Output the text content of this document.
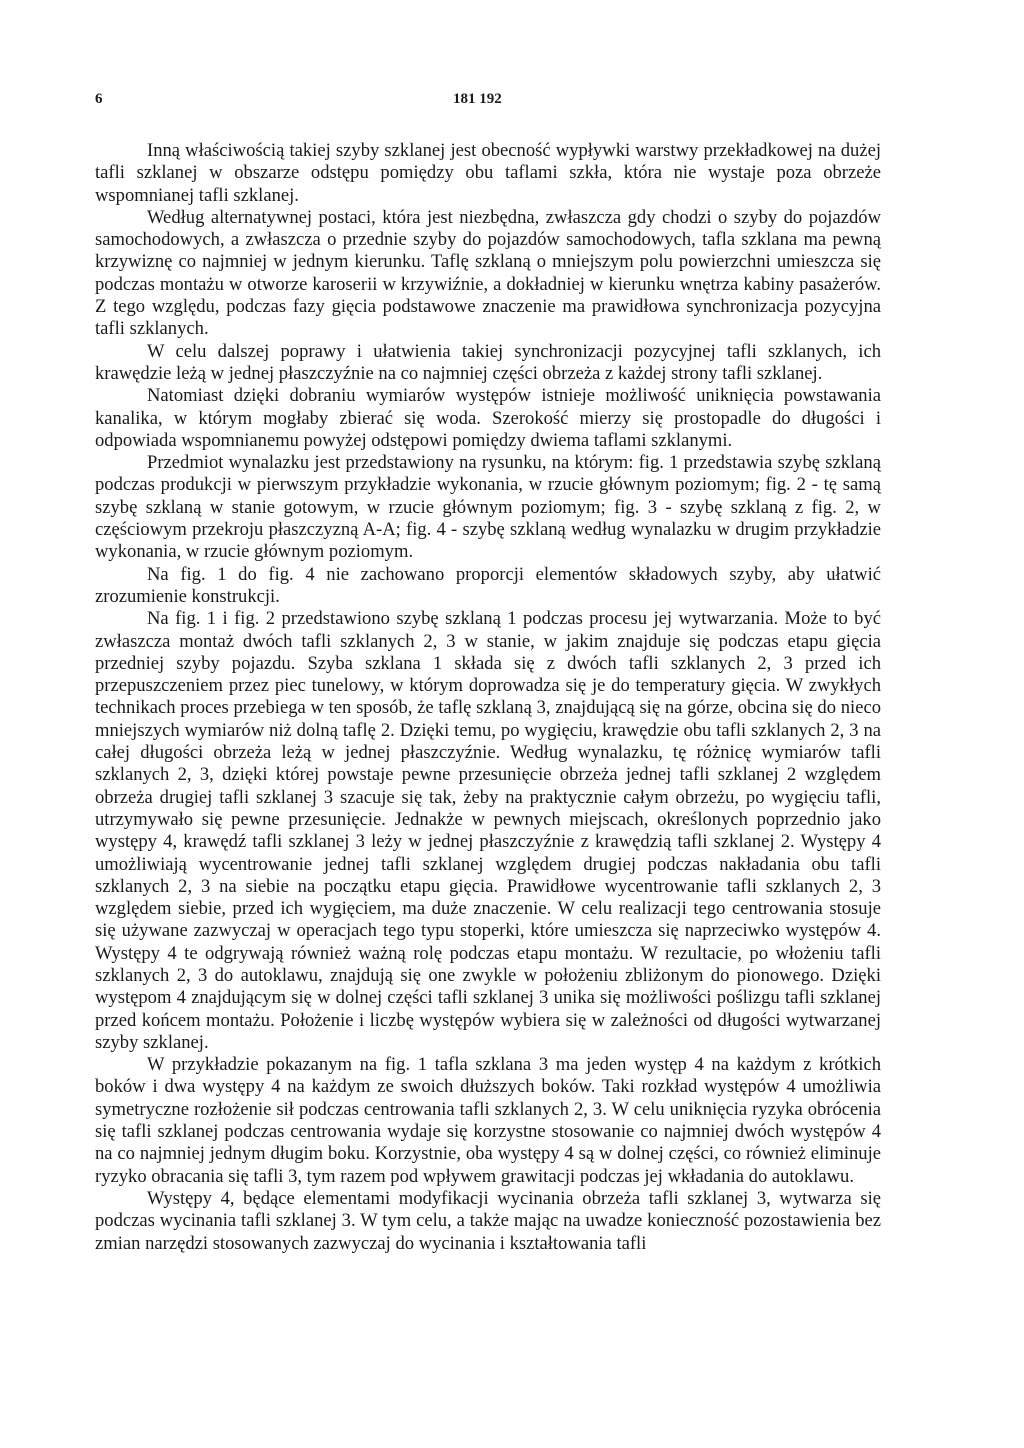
6	181 192

Inną właściwością takiej szyby szklanej jest obecność wypływki warstwy przekładkowej na dużej tafli szklanej w obszarze odstępu pomiędzy obu taflami szkła, która nie wystaje poza obrzeże wspomnianej tafli szklanej.

Według alternatywnej postaci, która jest niezbędna, zwłaszcza gdy chodzi o szyby do pojazdów samochodowych, a zwłaszcza o przednie szyby do pojazdów samochodowych, tafla szklana ma pewną krzywiznę co najmniej w jednym kierunku. Taflę szklaną o mniejszym polu powierzchni umieszcza się podczas montażu w otworze karoserii w krzywiźnie, a dokładniej w kierunku wnętrza kabiny pasażerów. Z tego względu, podczas fazy gięcia podstawowe znaczenie ma prawidłowa synchronizacja pozycyjna tafli szklanych.

W celu dalszej poprawy i ułatwienia takiej synchronizacji pozycyjnej tafli szklanych, ich krawędzie leżą w jednej płaszczyźnie na co najmniej części obrzeża z każdej strony tafli szklanej.

Natomiast dzięki dobraniu wymiarów występów istnieje możliwość uniknięcia powstawania kanalika, w którym mogłaby zbierać się woda. Szerokość mierzy się prostopadle do długości i odpowiada wspomnianemu powyżej odstępowi pomiędzy dwiema taflami szklanymi.

Przedmiot wynalazku jest przedstawiony na rysunku, na którym: fig. 1 przedstawia szybę szklaną podczas produkcji w pierwszym przykładzie wykonania, w rzucie głównym poziomym; fig. 2 - tę samą szybę szklaną w stanie gotowym, w rzucie głównym poziomym; fig. 3 - szybę szklaną z fig. 2, w częściowym przekroju płaszczyzną A-A; fig. 4 - szybę szklaną według wynalazku w drugim przykładzie wykonania, w rzucie głównym poziomym.

Na fig. 1 do fig. 4 nie zachowano proporcji elementów składowych szyby, aby ułatwić zrozumienie konstrukcji.

Na fig. 1 i fig. 2 przedstawiono szybę szklaną 1 podczas procesu jej wytwarzania. Może to być zwłaszcza montaż dwóch tafli szklanych 2, 3 w stanie, w jakim znajduje się podczas etapu gięcia przedniej szyby pojazdu. Szyba szklana 1 składa się z dwóch tafli szklanych 2, 3 przed ich przepuszczeniem przez piec tunelowy, w którym doprowadza się je do temperatury gięcia. W zwykłych technikach proces przebiega w ten sposób, że taflę szklaną 3, znajdującą się na górze, obcina się do nieco mniejszych wymiarów niż dolną taflę 2. Dzięki temu, po wygięciu, krawędzie obu tafli szklanych 2, 3 na całej długości obrzeża leżą w jednej płaszczyźnie. Według wynalazku, tę różnicę wymiarów tafli szklanych 2, 3, dzięki której powstaje pewne przesunięcie obrzeża jednej tafli szklanej 2 względem obrzeża drugiej tafli szklanej 3 szacuje się tak, żeby na praktycznie całym obrzeżu, po wygięciu tafli, utrzymywało się pewne przesunięcie. Jednakże w pewnych miejscach, określonych poprzednio jako występy 4, krawędź tafli szklanej 3 leży w jednej płaszczyźnie z krawędzią tafli szklanej 2. Występy 4 umożliwiają wycentrowanie jednej tafli szklanej względem drugiej podczas nakładania obu tafli szklanych 2, 3 na siebie na początku etapu gięcia. Prawidłowe wycentrowanie tafli szklanych 2, 3 względem siebie, przed ich wygięciem, ma duże znaczenie. W celu realizacji tego centrowania stosuje się używane zazwyczaj w operacjach tego typu stoperki, które umieszcza się naprzeciwko występów 4. Występy 4 te odgrywają również ważną rolę podczas etapu montażu. W rezultacie, po włożeniu tafli szklanych 2, 3 do autoklawu, znajdują się one zwykle w położeniu zbliżonym do pionowego. Dzięki występom 4 znajdującym się w dolnej części tafli szklanej 3 unika się możliwości poślizgu tafli szklanej przed końcem montażu. Położenie i liczbę występów wybiera się w zależności od długości wytwarzanej szyby szklanej.

W przykładzie pokazanym na fig. 1 tafla szklana 3 ma jeden występ 4 na każdym z krótkich boków i dwa występy 4 na każdym ze swoich dłuższych boków. Taki rozkład występów 4 umożliwia symetryczne rozłożenie sił podczas centrowania tafli szklanych 2, 3. W celu uniknięcia ryzyka obrócenia się tafli szklanej podczas centrowania wydaje się korzystne stosowanie co najmniej dwóch występów 4 na co najmniej jednym długim boku. Korzystnie, oba występy 4 są w dolnej części, co również eliminuje ryzyko obracania się tafli 3, tym razem pod wpływem grawitacji podczas jej wkładania do autoklawu.

Występy 4, będące elementami modyfikacji wycinania obrzeża tafli szklanej 3, wytwarza się podczas wycinania tafli szklanej 3. W tym celu, a także mając na uwadze konieczność pozostawienia bez zmian narzędzi stosowanych zazwyczaj do wycinania i kształtowania tafli
